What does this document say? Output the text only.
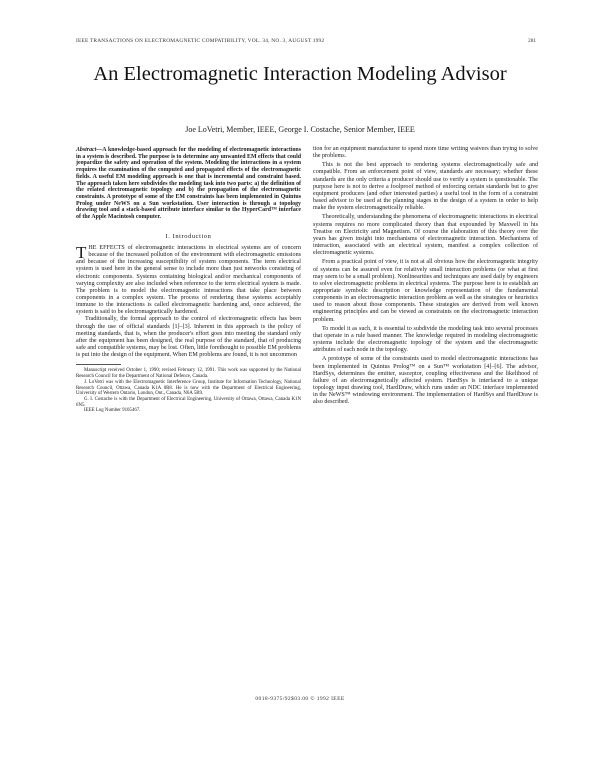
IEEE TRANSACTIONS ON ELECTROMAGNETIC COMPATIBILITY, VOL. 34, NO. 3, AUGUST 1992	281
An Electromagnetic Interaction Modeling Advisor
Joe LoVetri, Member, IEEE, George I. Costache, Senior Member, IEEE

Abstract—A knowledge-based approach for the modeling of electromagnetic interactions in a system is described. The purpose is to determine any unwanted EM effects that could jeopardize the safety and operation of the system. Modeling the interactions in a system requires the examination of the computed and propagated effects of the electromagnetic fields. A useful EM modeling approach is one that is incremental and constraint based. The approach taken here subdivides the modeling task into two parts: a) the definition of the related electromagnetic topology and b) the propagation of the electromagnetic constraints. A prototype of some of the EM constraints has been implemented in Quintus Prolog under NeWS on a Sun workstation. User interaction is through a topology drawing tool and a stack-based attribute interface similar to the HyperCard™ interface of the Apple Macintosh computer.

I. Introduction

THE EFFECTS of electromagnetic interactions in electrical systems are of concern because of the increased pollution of the environment with electromagnetic emissions and because of the increasing susceptibility of system components. The term electrical system is used here in the general sense to include more than just networks consisting of electronic components. Systems containing biological and/or mechanical components of varying complexity are also included when reference to the term electrical system is made. The problem is to model the electromagnetic interactions that take place between components in a complex system. The process of rendering these systems acceptably immune to the interactions is called electromagnetic hardening and, once achieved, the system is said to be electromagnetically hardened.

Traditionally, the formal approach to the control of electromagnetic effects has been through the use of official standards [1]–[3]. Inherent in this approach is the policy of meeting standards, that is, when the producer's effort goes into meeting the standard only after the equipment has been designed, the real purpose of the standard, that of producing safe and compatible systems, may be lost. Often, little forethought to possible EM problems is put into the design of the equipment. When EM problems are found, it is not uncommon

Manuscript received October 1, 1990; revised February 12, 1991. This work was supported by the National Research Council for the Department of National Defence, Canada.

J. LoVetri was with the Electromagnetic Interference Group, Institute for Information Technology, National Research Council, Ottawa, Canada K1A 0R8. He is now with the Department of Electrical Engineering, University of Western Ontario, London, Ont., Canada, N6A 5B9.

G. I. Costache is with the Department of Electrical Engineering, University of Ottawa, Ottawa, Canada K1N 6N5.

IEEE Log Number 9105467.

tion for an equipment manufacturer to spend more time writing waivers than trying to solve the problems.

This is not the best approach to rendering systems electromagnetically safe and compatible. From an enforcement point of view, standards are necessary; whether these standards are the only criteria a producer should use to verify a system is questionable. The purpose here is not to derive a foolproof method of enforcing certain standards but to give equipment producers (and other interested parties) a useful tool in the form of a constraint based advisor to be used at the planning stages in the design of a system in order to help make the system electromagnetically reliable.

Theoretically, understanding the phenomena of electromagnetic interactions in electrical systems requires no more complicated theory than that expounded by Maxwell in his Treatise on Electricity and Magnetism. Of course the elaboration of this theory over the years has given insight into mechanisms of electromagnetic interaction. Mechanisms of interaction, associated with an electrical system, manifest a complex collection of electromagnetic systems.

From a practical point of view, it is not at all obvious how the electromagnetic integrity of systems can be assured even for relatively small interaction problems (or what at first may seem to be a small problem). Nonlinearities and techniques are used daily by engineers to solve electromagnetic problems in electrical systems. The purpose here is to establish an appropriate symbolic description or knowledge representation of the fundamental components in an electromagnetic interaction problem as well as the strategies or heuristics used to reason about those components. These strategies are derived from well known engineering principles and can be viewed as constraints on the electromagnetic interaction problem.

To model it as such, it is essential to subdivide the modeling task into several processes that operate in a rule based manner. The knowledge required in modeling electromagnetic systems include the electromagnetic topology of the system and the electromagnetic attributes of each node in the topology.

A prototype of some of the constraints used to model electromagnetic interactions has been implemented in Quintus Prolog™ on a Sun™ workstation [4]–[6]. The advisor, HardSys, determines the emitter, susceptor, coupling effectiveness and the likelihood of failure of an electromagnetically affected system. HardSys is interfaced to a unique topology input drawing tool, HardDraw, which runs under an NDC interface implemented in the NeWS™ windowing environment. The implementation of HardSys and HardDraw is also described.

0018-9375/92$03.00 © 1992 IEEE
